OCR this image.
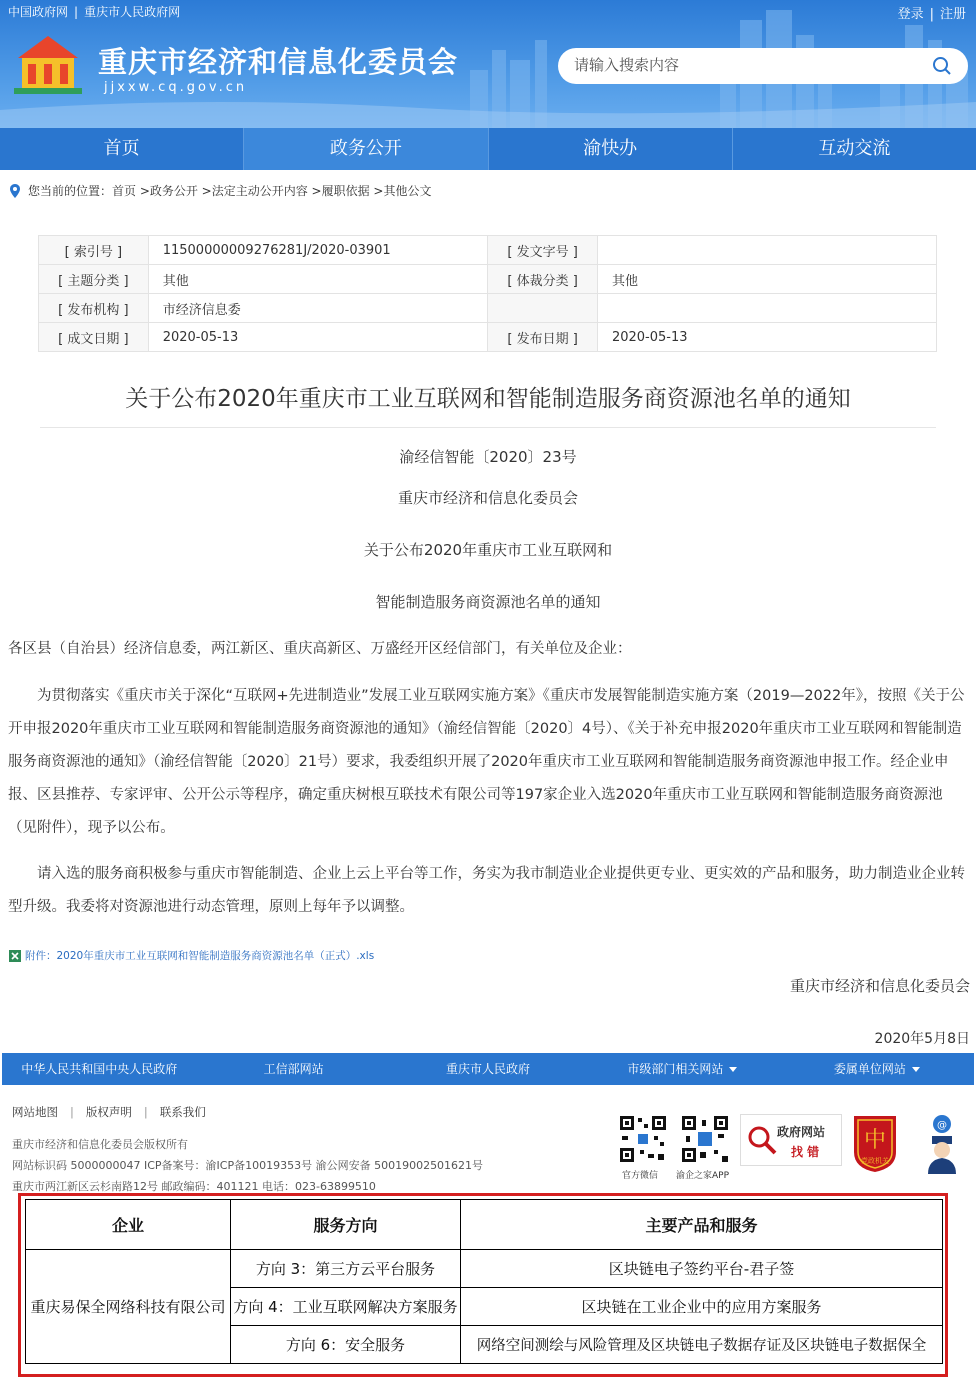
中国政府网 | 重庆市人民政府网	登录 | 注册
重庆市经济和信息化委员会
jjxxw.cq.gov.cn
请输入搜索内容
首页	政务公开	渝快办	互动交流
您当前的位置：首页 >政务公开 >法定主动公开内容 >履职依据 >其他公文
[ 索引号 ]	11500000009276281J/2020-03901	[ 发文字号 ]	
[ 主题分类 ]	其他	[ 体裁分类 ]	其他
[ 发布机构 ]	市经济信息委		
[ 成文日期 ]	2020-05-13	[ 发布日期 ]	2020-05-13
关于公布2020年重庆市工业互联网和智能制造服务商资源池名单的通知
渝经信智能〔2020〕23号
重庆市经济和信息化委员会
关于公布2020年重庆市工业互联网和
智能制造服务商资源池名单的通知
各区县（自治县）经济信息委，两江新区、重庆高新区、万盛经开区经信部门，有关单位及企业：
为贯彻落实《重庆市关于深化“互联网+先进制造业”发展工业互联网实施方案》《重庆市发展智能制造实施方案（2019—2022年》，按照《关于公开申报2020年重庆市工业互联网和智能制造服务商资源池的通知》（渝经信智能〔2020〕4号）、《关于补充申报2020年重庆市工业互联网和智能制造服务商资源池的通知》（渝经信智能〔2020〕21号）要求，我委组织开展了2020年重庆市工业互联网和智能制造服务商资源池申报工作。经企业申报、区县推荐、专家评审、公开公示等程序，确定重庆树根互联技术有限公司等197家企业入选2020年重庆市工业互联网和智能制造服务商资源池（见附件），现予以公布。
请入选的服务商积极参与重庆市智能制造、企业上云上平台等工作，务实为我市制造业企业提供更专业、更实效的产品和服务，助力制造业企业转型升级。我委将对资源池进行动态管理，原则上每年予以调整。
附件：2020年重庆市工业互联网和智能制造服务商资源池名单（正式）.xls
重庆市经济和信息化委员会
2020年5月8日
中华人民共和国中央人民政府	工信部网站	重庆市人民政府	市级部门相关网站	委属单位网站
网站地图 | 版权声明 | 联系我们
重庆市经济和信息化委员会版权所有
网站标识码 5000000047 ICP备案号：渝ICP备10019353号 渝公网安备 50019002501621号
重庆市两江新区云杉南路12号 邮政编码：401121 电话：023-63899510
官方微信 渝企之家APP
政府网站
找 错 中
党政机关
@
企业	服务方向	主要产品和服务
重庆易保全网络科技有限公司	方向 3：第三方云平台服务	区块链电子签约平台-君子签
	方向 4：工业互联网解决方案服务	区块链在工业企业中的应用方案服务
	方向 6：安全服务	网络空间测绘与风险管理及区块链电子数据存证及区块链电子数据保全
